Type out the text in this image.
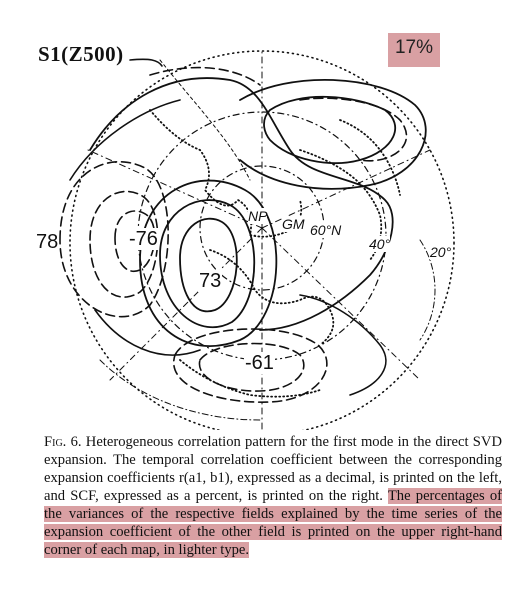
S1(Z500)	17%
78	-76
73
-61
NP GM 60°N
40°	20°

Fig. 6. Heterogeneous correlation pattern for the first mode in the direct SVD expansion. The temporal correlation coefficient between the corresponding expansion coefficients r(a1, b1), expressed as a decimal, is printed on the left, and SCF, expressed as a percent, is printed on the right. The percentages of the variances of the respective fields explained by the time series of the expansion coefficient of the other field is printed on the upper right-hand corner of each map, in lighter type.
